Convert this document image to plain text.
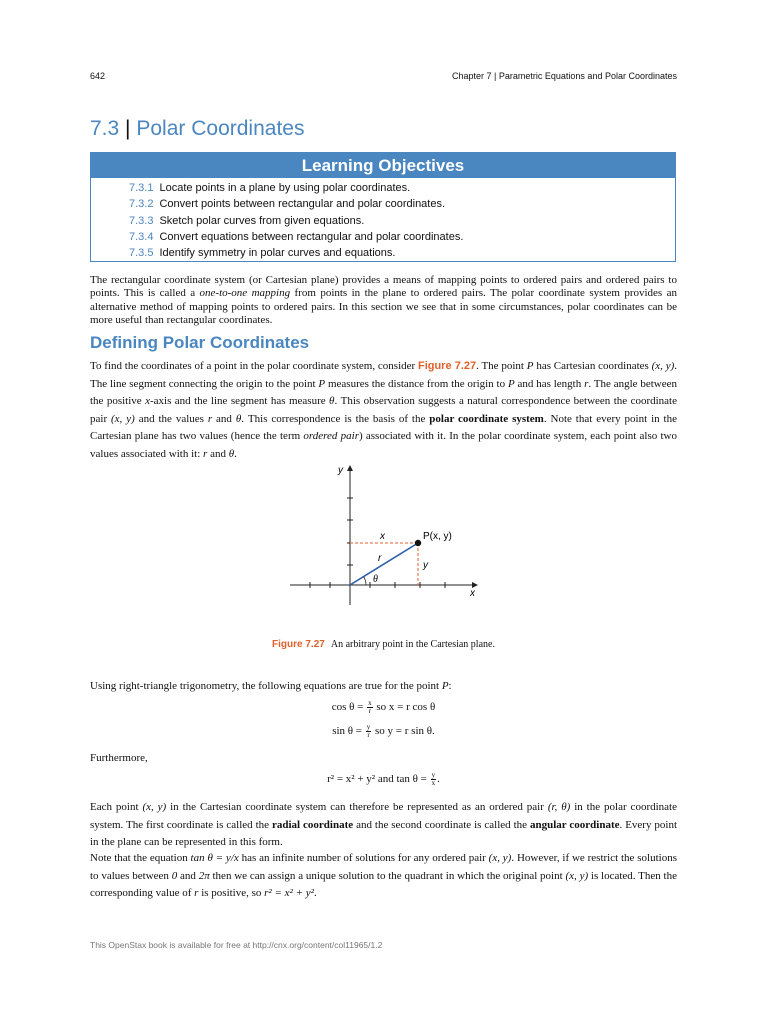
642	Chapter 7 | Parametric Equations and Polar Coordinates
7.3 | Polar Coordinates
Learning Objectives
7.3.1 Locate points in a plane by using polar coordinates.
7.3.2 Convert points between rectangular and polar coordinates.
7.3.3 Sketch polar curves from given equations.
7.3.4 Convert equations between rectangular and polar coordinates.
7.3.5 Identify symmetry in polar curves and equations.
The rectangular coordinate system (or Cartesian plane) provides a means of mapping points to ordered pairs and ordered pairs to points. This is called a one-to-one mapping from points in the plane to ordered pairs. The polar coordinate system provides an alternative method of mapping points to ordered pairs. In this section we see that in some circumstances, polar coordinates can be more useful than rectangular coordinates.
Defining Polar Coordinates
To find the coordinates of a point in the polar coordinate system, consider Figure 7.27. The point P has Cartesian coordinates (x, y). The line segment connecting the origin to the point P measures the distance from the origin to P and has length r. The angle between the positive x-axis and the line segment has measure θ. This observation suggests a natural correspondence between the coordinate pair (x, y) and the values r and θ. This correspondence is the basis of the polar coordinate system. Note that every point in the Cartesian plane has two values (hence the term ordered pair) associated with it. In the polar coordinate system, each point also two values associated with it: r and θ.
y
x
P(x, y)
x
y
r
θ
Figure 7.27 An arbitrary point in the Cartesian plane.
Using right-triangle trigonometry, the following equations are true for the point P:
$\cos \theta = \frac{x}{r}$ so x = r cos θ
$\sin \theta = \frac{y}{r}$ so y = r sin θ.
Furthermore,
r² = x² + y² and $\tan \theta = \frac{y}{x}$ .
Each point (x, y) in the Cartesian coordinate system can therefore be represented as an ordered pair (r, θ) in the polar coordinate system. The first coordinate is called the radial coordinate and the second coordinate is called the angular coordinate. Every point in the plane can be represented in this form.
Note that the equation tan θ = y/x has an infinite number of solutions for any ordered pair (x, y). However, if we restrict the solutions to values between 0 and 2π then we can assign a unique solution to the quadrant in which the original point (x, y) is located. Then the corresponding value of r is positive, so r² = x² + y².
This OpenStax book is available for free at http://cnx.org/content/col11965/1.2
